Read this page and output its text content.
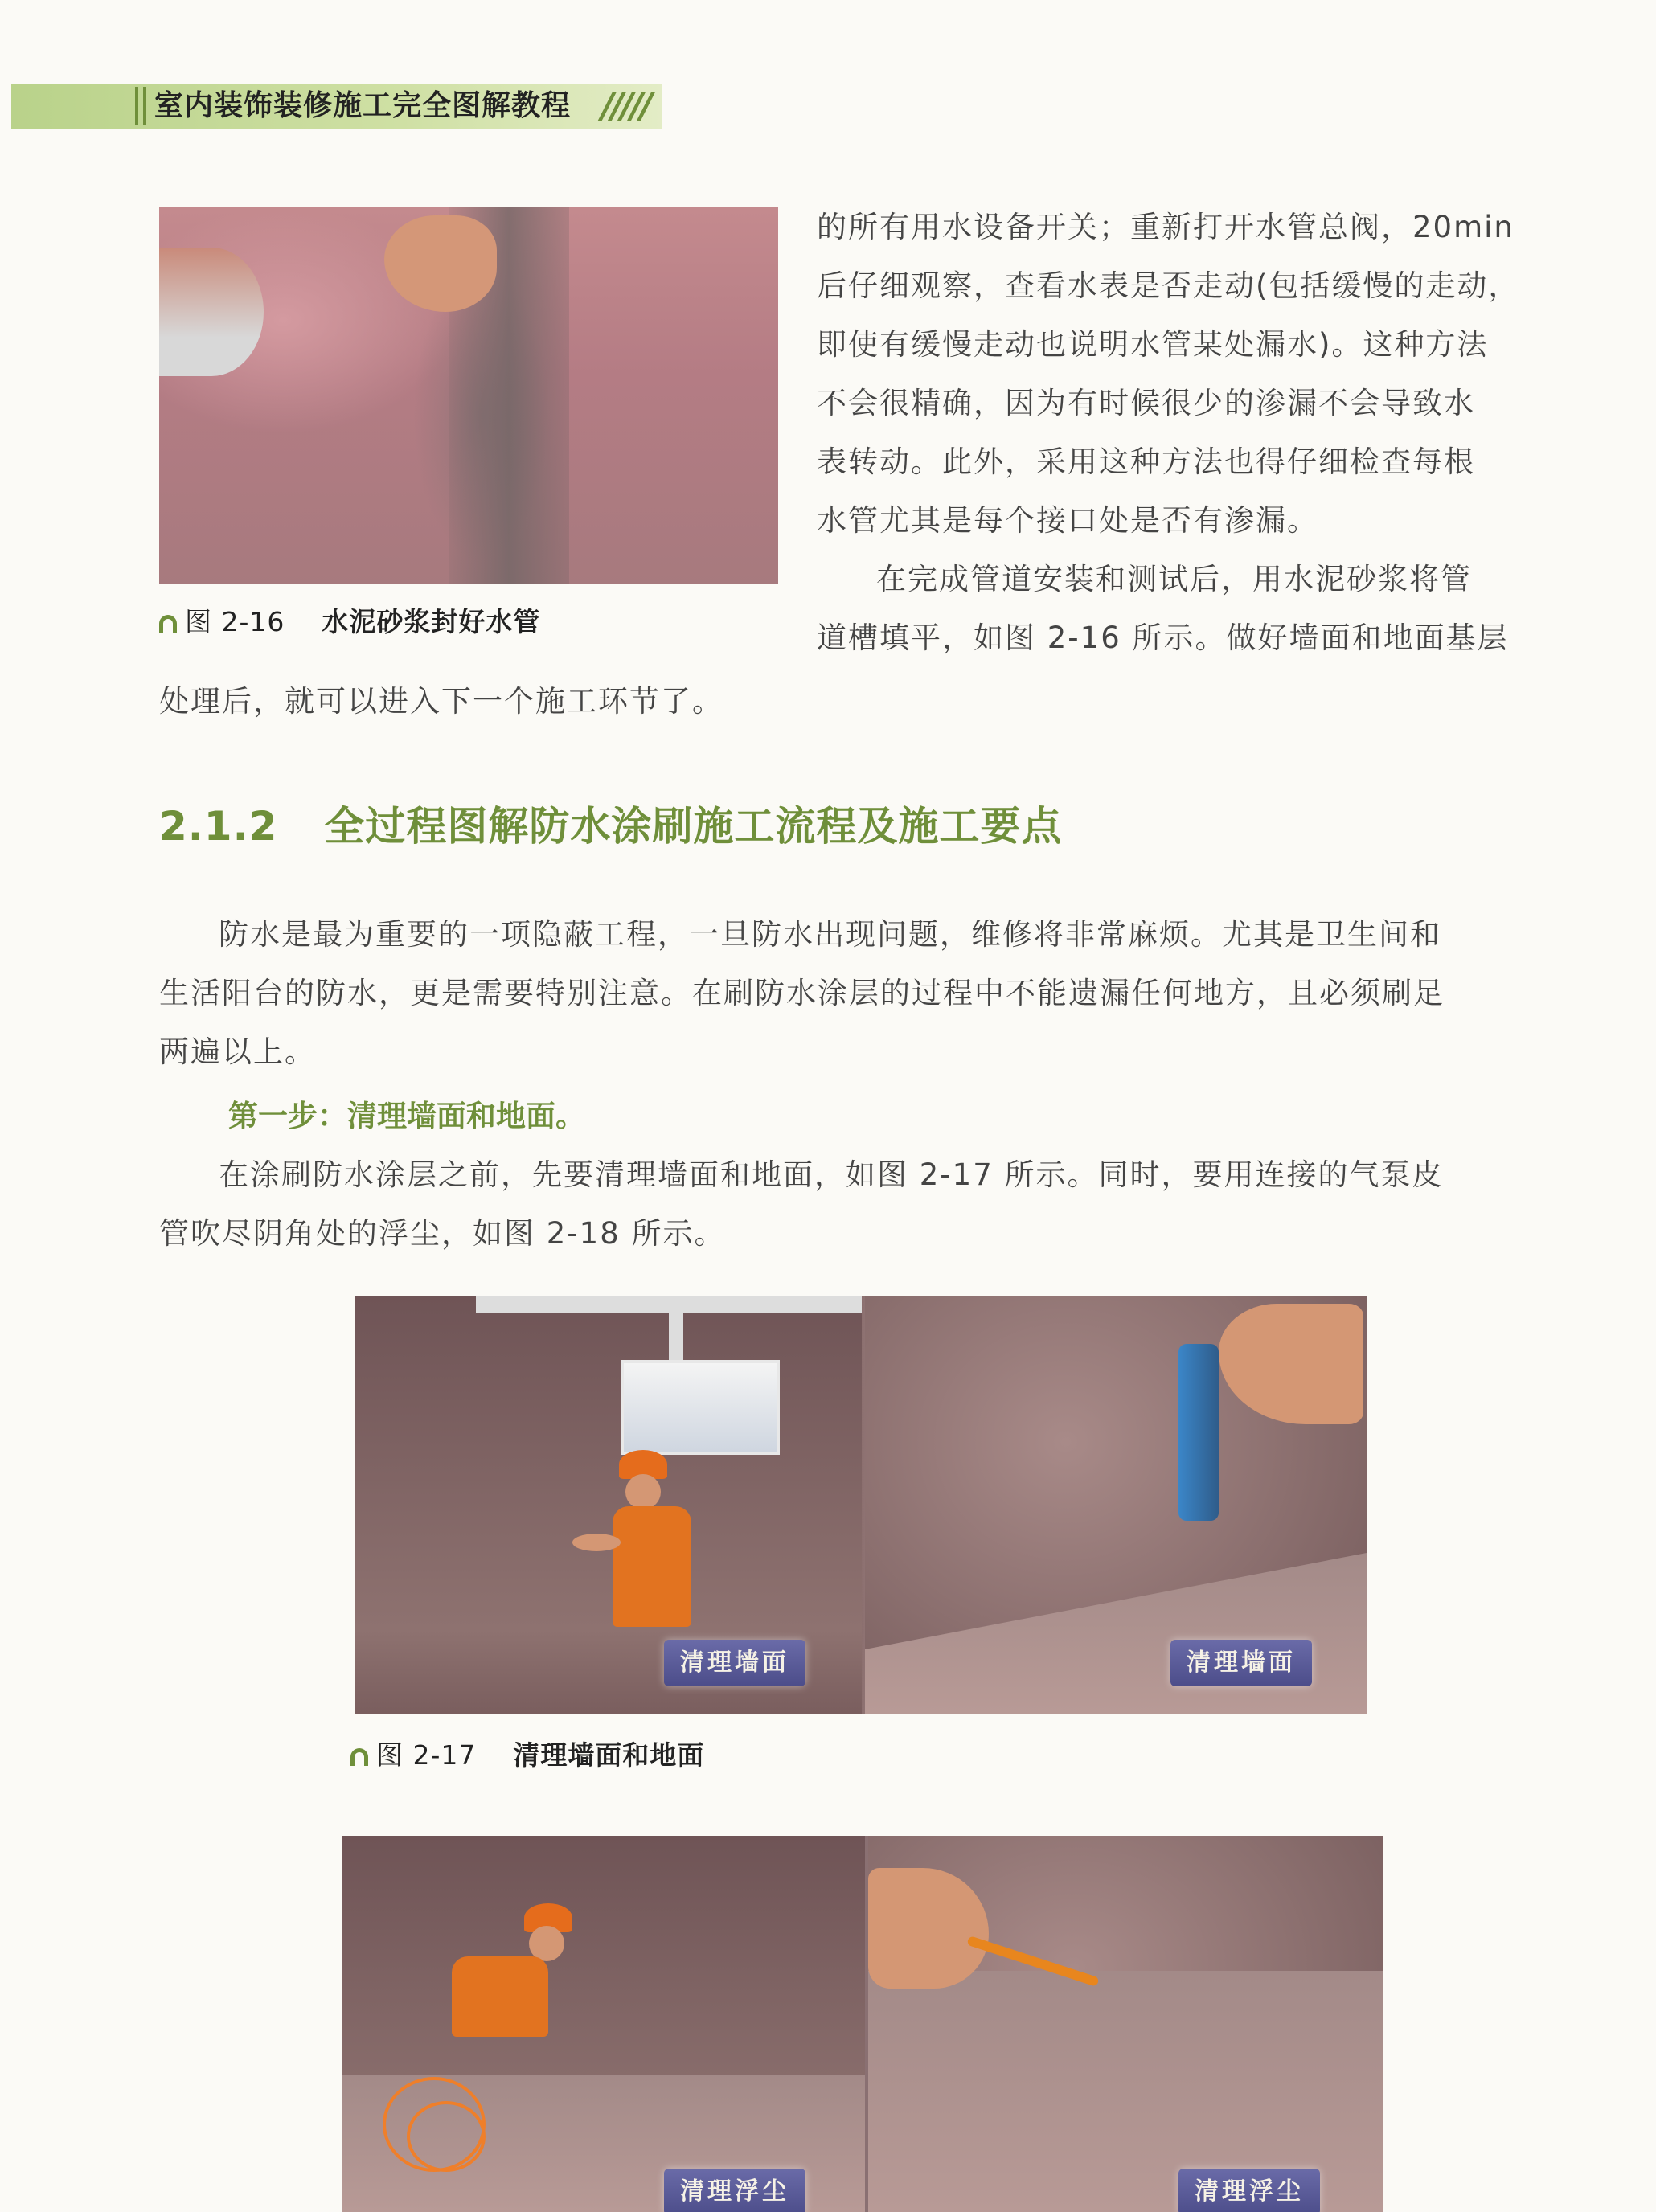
室内装饰装修施工完全图解教程 /////
图 2-16 水泥砂浆封好水管

的所有用水设备开关；重新打开水管总阀，20min

后仔细观察，查看水表是否走动(包括缓慢的走动，

即使有缓慢走动也说明水管某处漏水)。这种方法

不会很精确，因为有时候很少的渗漏不会导致水

表转动。此外，采用这种方法也得仔细检查每根

水管尤其是每个接口处是否有渗漏。

在完成管道安装和测试后，用水泥砂浆将管

道槽填平，如图 2-16 所示。做好墙面和地面基层

处理后，就可以进入下一个施工环节了。

2.1.2 全过程图解防水涂刷施工流程及施工要点

防水是最为重要的一项隐蔽工程，一旦防水出现问题，维修将非常麻烦。尤其是卫生间和

生活阳台的防水，更是需要特别注意。在刷防水涂层的过程中不能遗漏任何地方，且必须刷足

两遍以上。

第一步：清理墙面和地面。

在涂刷防水涂层之前，先要清理墙面和地面，如图 2-17 所示。同时，要用连接的气泵皮

管吹尽阴角处的浮尘，如图 2-18 所示。

清理墙面	清理墙面
图 2-17 清理墙面和地面
清理浮尘	清理浮尘
